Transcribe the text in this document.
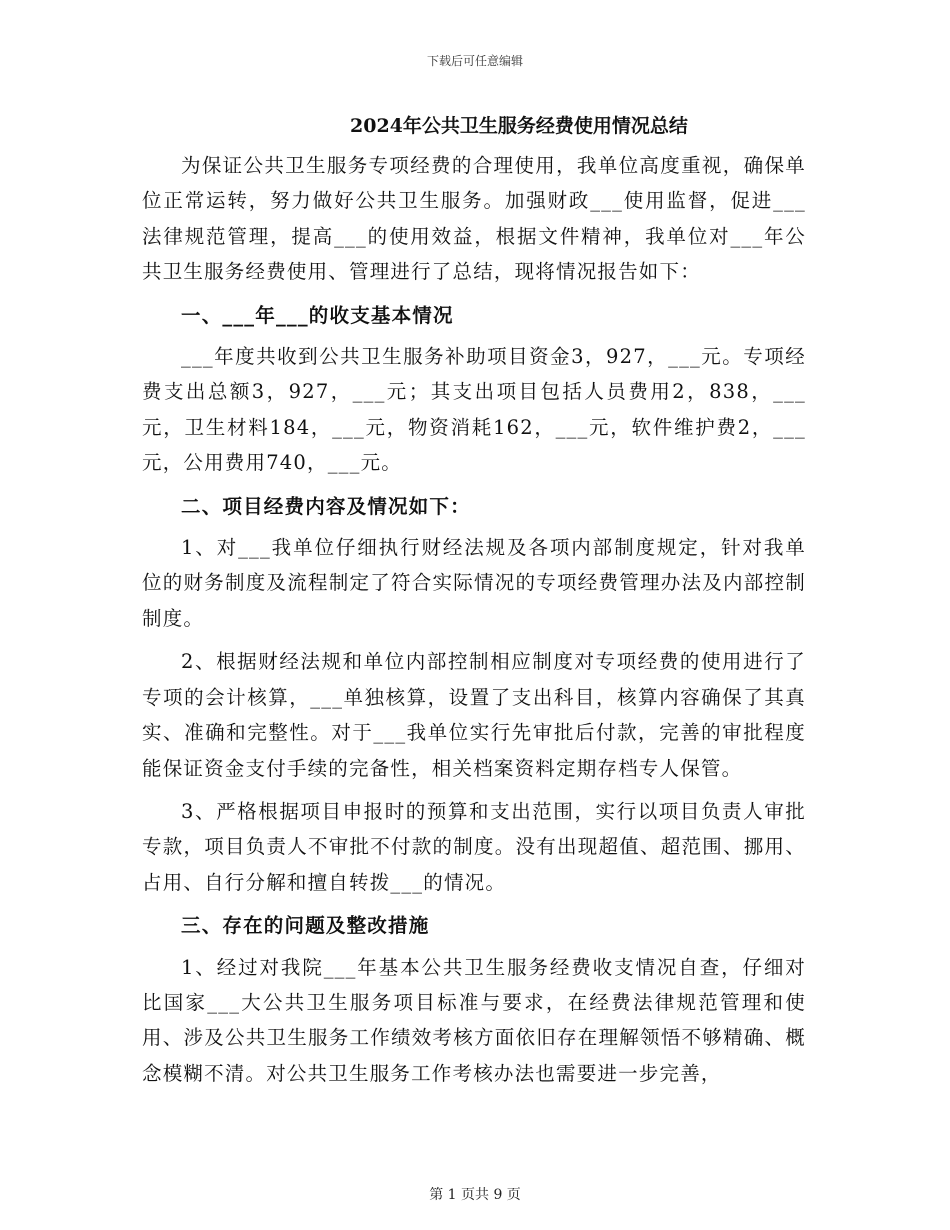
下载后可任意编辑
2024年公共卫生服务经费使用情况总结

为保证公共卫生服务专项经费的合理使用，我单位高度重视，确保单位正常运转，努力做好公共卫生服务。加强财政___使用监督，促进___法律规范管理，提高___的使用效益，根据文件精神，我单位对___年公共卫生服务经费使用、管理进行了总结，现将情况报告如下：

一、___年___的收支基本情况

___年度共收到公共卫生服务补助项目资金3，927，___元。专项经费支出总额3，927，___元；其支出项目包括人员费用2，838，___元，卫生材料184，___元，物资消耗162，___元，软件维护费2，___元，公用费用740，___元。

二、项目经费内容及情况如下：

1、对___我单位仔细执行财经法规及各项内部制度规定，针对我单位的财务制度及流程制定了符合实际情况的专项经费管理办法及内部控制制度。

2、根据财经法规和单位内部控制相应制度对专项经费的使用进行了专项的会计核算，___单独核算，设置了支出科目，核算内容确保了其真实、准确和完整性。对于___我单位实行先审批后付款，完善的审批程度能保证资金支付手续的完备性，相关档案资料定期存档专人保管。

3、严格根据项目申报时的预算和支出范围，实行以项目负责人审批专款，项目负责人不审批不付款的制度。没有出现超值、超范围、挪用、占用、自行分解和擅自转拨___的情况。

三、存在的问题及整改措施

1、经过对我院___年基本公共卫生服务经费收支情况自查，仔细对比国家___大公共卫生服务项目标准与要求，在经费法律规范管理和使用、涉及公共卫生服务工作绩效考核方面依旧存在理解领悟不够精确、概念模糊不清。对公共卫生服务工作考核办法也需要进一步完善，

第 1 页共 9 页
